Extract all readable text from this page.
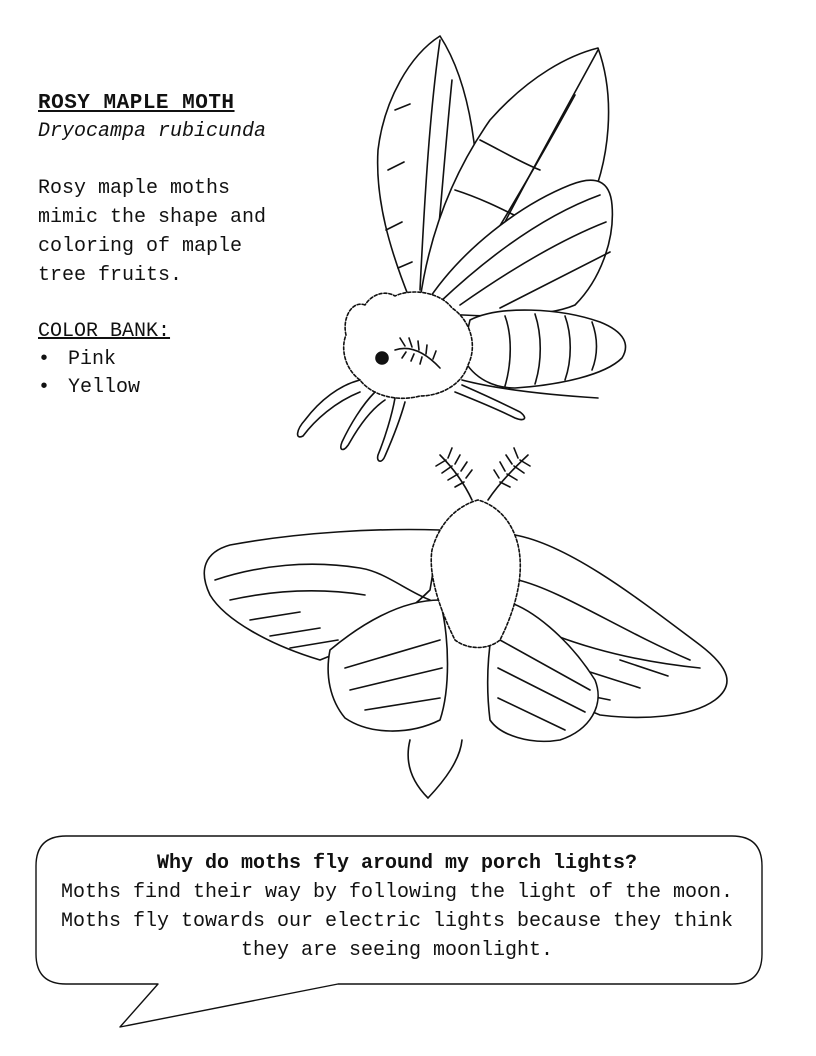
ROSY MAPLE MOTH
Dryocampa rubicunda
Rosy maple moths
mimic the shape and
coloring of maple
tree fruits.
COLOR BANK:
• Pink
• Yellow
Why do moths fly around my porch lights?
Moths find their way by following the light of the moon. Moths fly towards our electric lights because they think they are seeing moonlight.
